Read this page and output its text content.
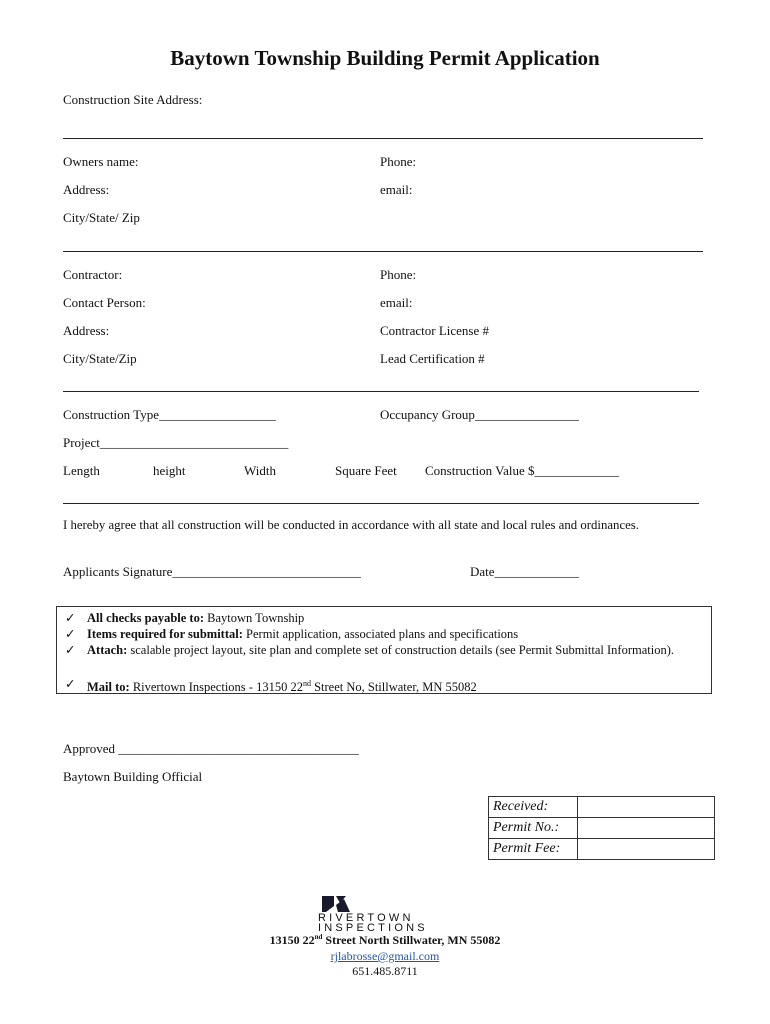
Baytown Township Building Permit Application
Construction Site Address:
Owners name:	Phone:
Address:	email:
City/State/ Zip
Contractor:	Phone:
Contact Person:	email:
Address:	Contractor License #
City/State/Zip	Lead Certification #
Construction Type__________________	Occupancy Group________________
Project_____________________________
Length	height	Width	Square Feet Construction Value $_____________
I hereby agree that all construction will be conducted in accordance with all state and local rules and ordinances.
Applicants Signature_____________________________	Date_____________
✓ All checks payable to: Baytown Township
✓ Items required for submittal: Permit application, associated plans and specifications
✓ Attach: scalable project layout, site plan and complete set of construction details (see Permit Submittal Information).
✓ Mail to: Rivertown Inspections - 13150 22nd Street No, Stillwater, MN 55082
Approved _____________________________________
Baytown Building Official
Received:	
Permit No.:	
Permit Fee:	
RIVERTOWN
INSPECTIONS
13150 22nd Street North Stillwater, MN 55082
rjlabrosse@gmail.com
651.485.8711
